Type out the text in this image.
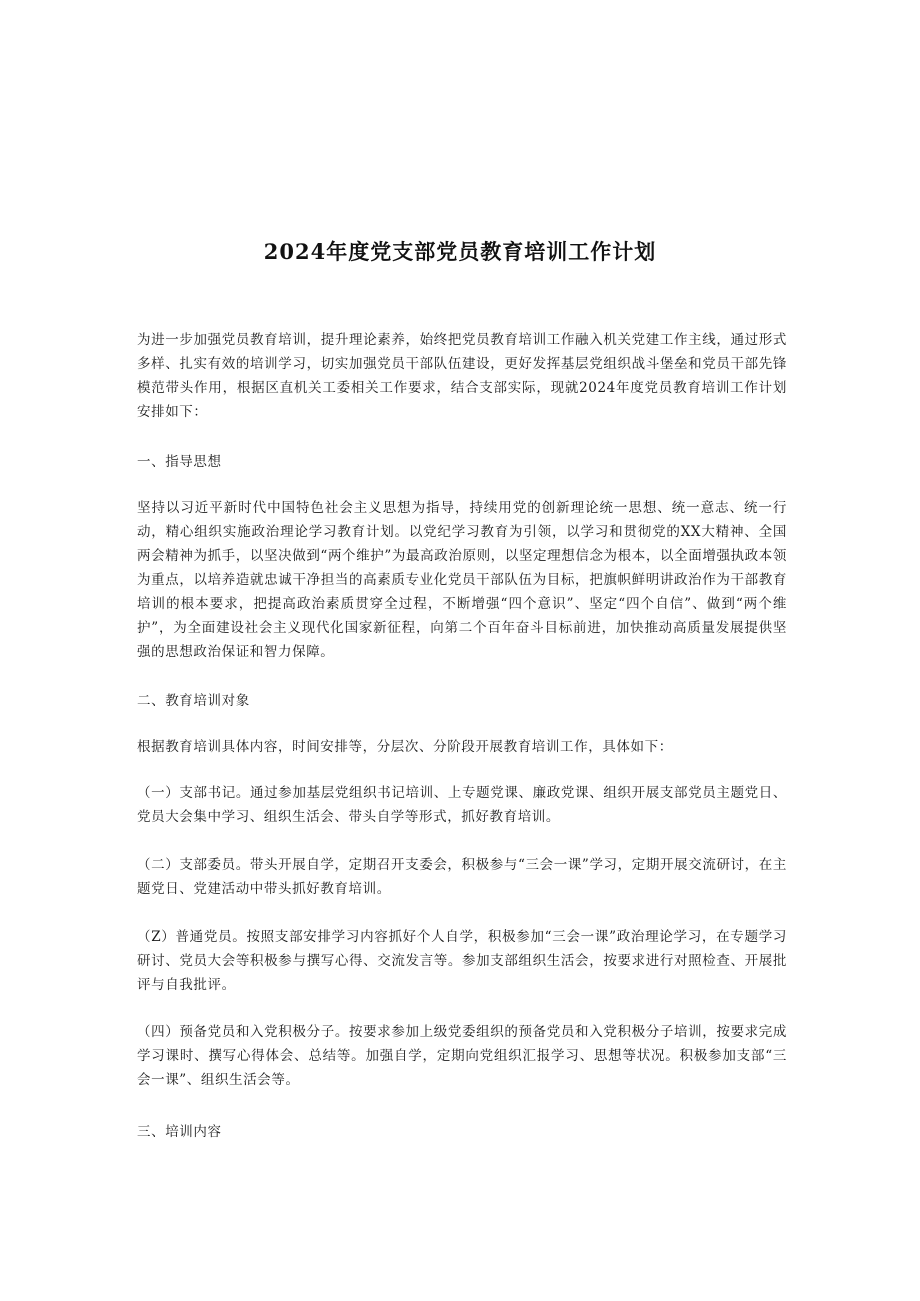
2024年度党支部党员教育培训工作计划

为进一步加强党员教育培训，提升理论素养，始终把党员教育培训工作融入机关党建工作主线，通过形式多样、扎实有效的培训学习，切实加强党员干部队伍建设，更好发挥基层党组织战斗堡垒和党员干部先锋模范带头作用，根据区直机关工委相关工作要求，结合支部实际，现就2024年度党员教育培训工作计划安排如下：

一、指导思想

坚持以习近平新时代中国特色社会主义思想为指导，持续用党的创新理论统一思想、统一意志、统一行动，精心组织实施政治理论学习教育计划。以党纪学习教育为引领，以学习和贯彻党的XX大精神、全国两会精神为抓手，以坚决做到“两个维护”为最高政治原则，以坚定理想信念为根本，以全面增强执政本领为重点，以培养造就忠诚干净担当的高素质专业化党员干部队伍为目标，把旗帜鲜明讲政治作为干部教育培训的根本要求，把提高政治素质贯穿全过程，不断增强“四个意识”、坚定“四个自信”、做到“两个维护”，为全面建设社会主义现代化国家新征程，向第二个百年奋斗目标前进，加快推动高质量发展提供坚强的思想政治保证和智力保障。

二、教育培训对象

根据教育培训具体内容，时间安排等，分层次、分阶段开展教育培训工作，具体如下：

（一）支部书记。通过参加基层党组织书记培训、上专题党课、廉政党课、组织开展支部党员主题党日、党员大会集中学习、组织生活会、带头自学等形式，抓好教育培训。

（二）支部委员。带头开展自学，定期召开支委会，积极参与“三会一课”学习，定期开展交流研讨，在主题党日、党建活动中带头抓好教育培训。

（Z）普通党员。按照支部安排学习内容抓好个人自学，积极参加“三会一课”政治理论学习，在专题学习研讨、党员大会等积极参与撰写心得、交流发言等。参加支部组织生活会，按要求进行对照检查、开展批评与自我批评。

（四）预备党员和入党积极分子。按要求参加上级党委组织的预备党员和入党积极分子培训，按要求完成学习课时、撰写心得体会、总结等。加强自学，定期向党组织汇报学习、思想等状况。积极参加支部“三会一课”、组织生活会等。

三、培训内容
